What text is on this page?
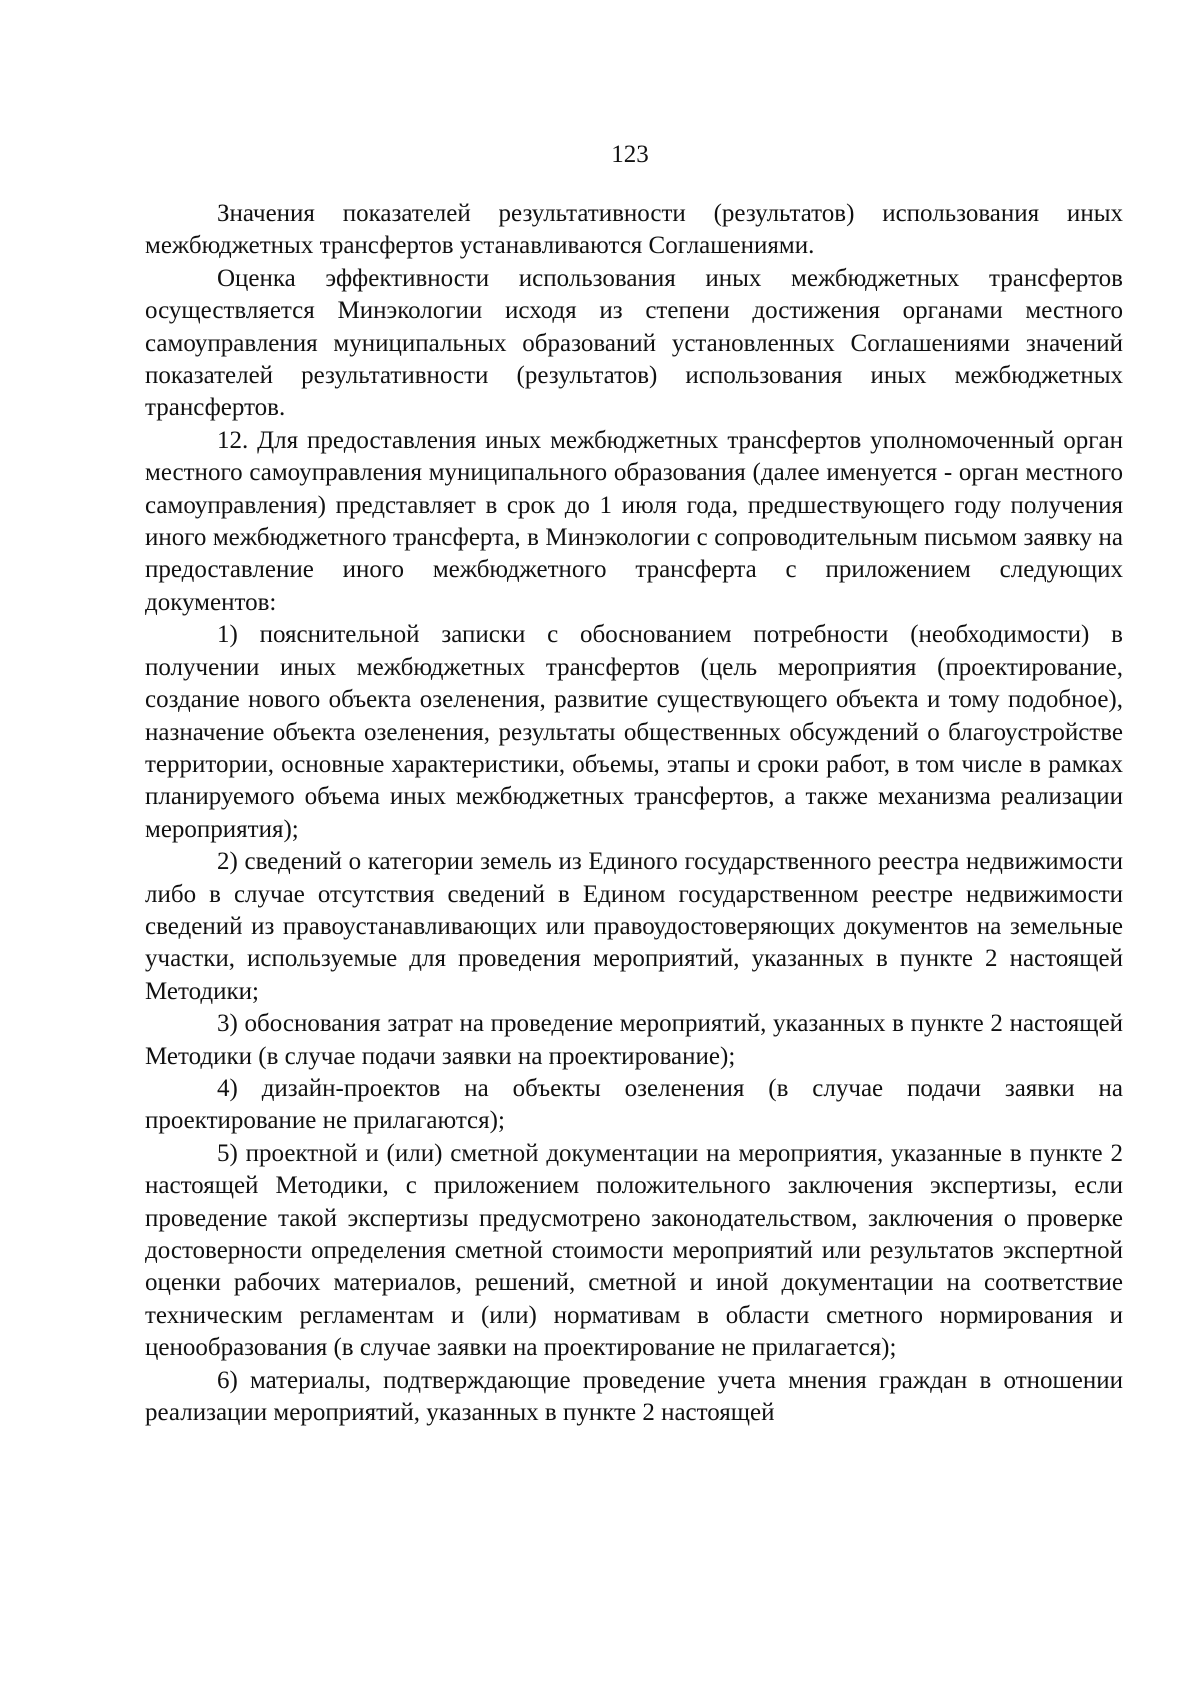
123

Значения показателей результативности (результатов) использования иных межбюджетных трансфертов устанавливаются Соглашениями.

Оценка эффективности использования иных межбюджетных трансфертов осуществляется Минэкологии исходя из степени достижения органами местного самоуправления муниципальных образований установленных Соглашениями значений показателей результативности (результатов) использования иных межбюджетных трансфертов.

12. Для предоставления иных межбюджетных трансфертов уполномоченный орган местного самоуправления муниципального образования (далее именуется - орган местного самоуправления) представляет в срок до 1 июля года, предшествующего году получения иного межбюджетного трансферта, в Минэкологии с сопроводительным письмом заявку на предоставление иного межбюджетного трансферта с приложением следующих документов:

1) пояснительной записки с обоснованием потребности (необходимости) в получении иных межбюджетных трансфертов (цель мероприятия (проектирование, создание нового объекта озеленения, развитие существующего объекта и тому подобное), назначение объекта озеленения, результаты общественных обсуждений о благоустройстве территории, основные характеристики, объемы, этапы и сроки работ, в том числе в рамках планируемого объема иных межбюджетных трансфертов, а также механизма реализации мероприятия);

2) сведений о категории земель из Единого государственного реестра недвижимости либо в случае отсутствия сведений в Едином государственном реестре недвижимости сведений из правоустанавливающих или правоудостоверяющих документов на земельные участки, используемые для проведения мероприятий, указанных в пункте 2 настоящей Методики;

3) обоснования затрат на проведение мероприятий, указанных в пункте 2 настоящей Методики (в случае подачи заявки на проектирование);

4) дизайн-проектов на объекты озеленения (в случае подачи заявки на проектирование не прилагаются);

5) проектной и (или) сметной документации на мероприятия, указанные в пункте 2 настоящей Методики, с приложением положительного заключения экспертизы, если проведение такой экспертизы предусмотрено законодательством, заключения о проверке достоверности определения сметной стоимости мероприятий или результатов экспертной оценки рабочих материалов, решений, сметной и иной документации на соответствие техническим регламентам и (или) нормативам в области сметного нормирования и ценообразования (в случае заявки на проектирование не прилагается);

6) материалы, подтверждающие проведение учета мнения граждан в отношении реализации мероприятий, указанных в пункте 2 настоящей
